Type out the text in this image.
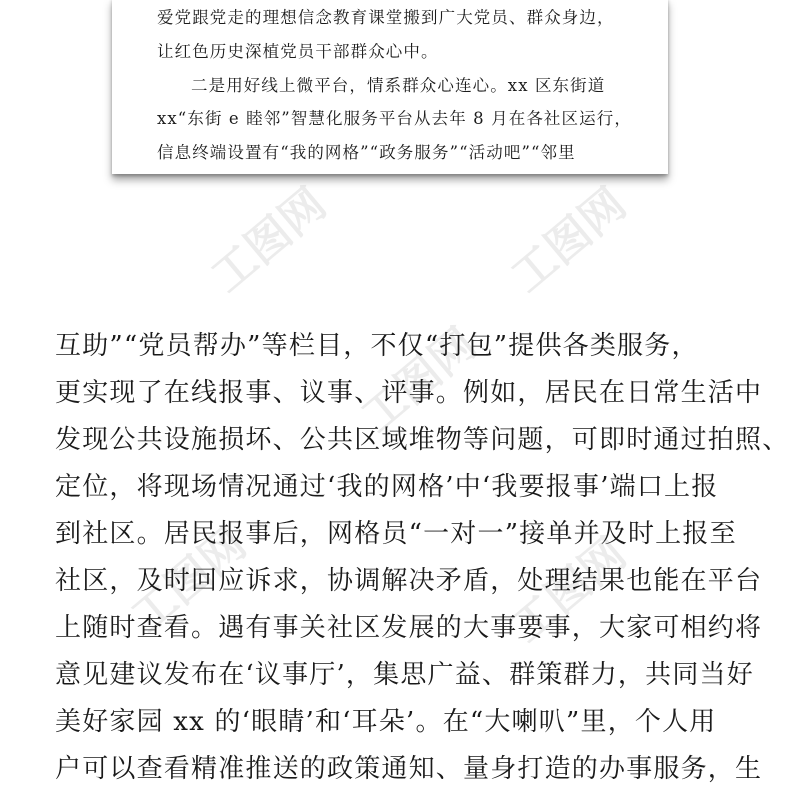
爱党跟党走的理想信念教育课堂搬到广大党员、群众身边，
让红色历史深植党员干部群众心中。
二是用好线上微平台，情系群众心连心。xx 区东街道
xx“东街 e 睦邻”智慧化服务平台从去年 8 月在各社区运行，
信息终端设置有“我的网格”“政务服务”“活动吧”“邻里
工图网	工图网
工图网
工图网	工图网
互助”“党员帮办”等栏目，不仅“打包”提供各类服务，
更实现了在线报事、议事、评事。例如，居民在日常生活中
发现公共设施损坏、公共区域堆物等问题，可即时通过拍照、
定位，将现场情况通过‘我的网格’中‘我要报事’端口上报
到社区。居民报事后，网格员“一对一”接单并及时上报至
社区，及时回应诉求，协调解决矛盾，处理结果也能在平台
上随时查看。遇有事关社区发展的大事要事，大家可相约将
意见建议发布在‘议事厅’，集思广益、群策群力，共同当好
美好家园 xx 的‘眼睛’和‘耳朵’。在“大喇叭”里，个人用
户可以查看精准推送的政策通知、量身打造的办事服务，生
